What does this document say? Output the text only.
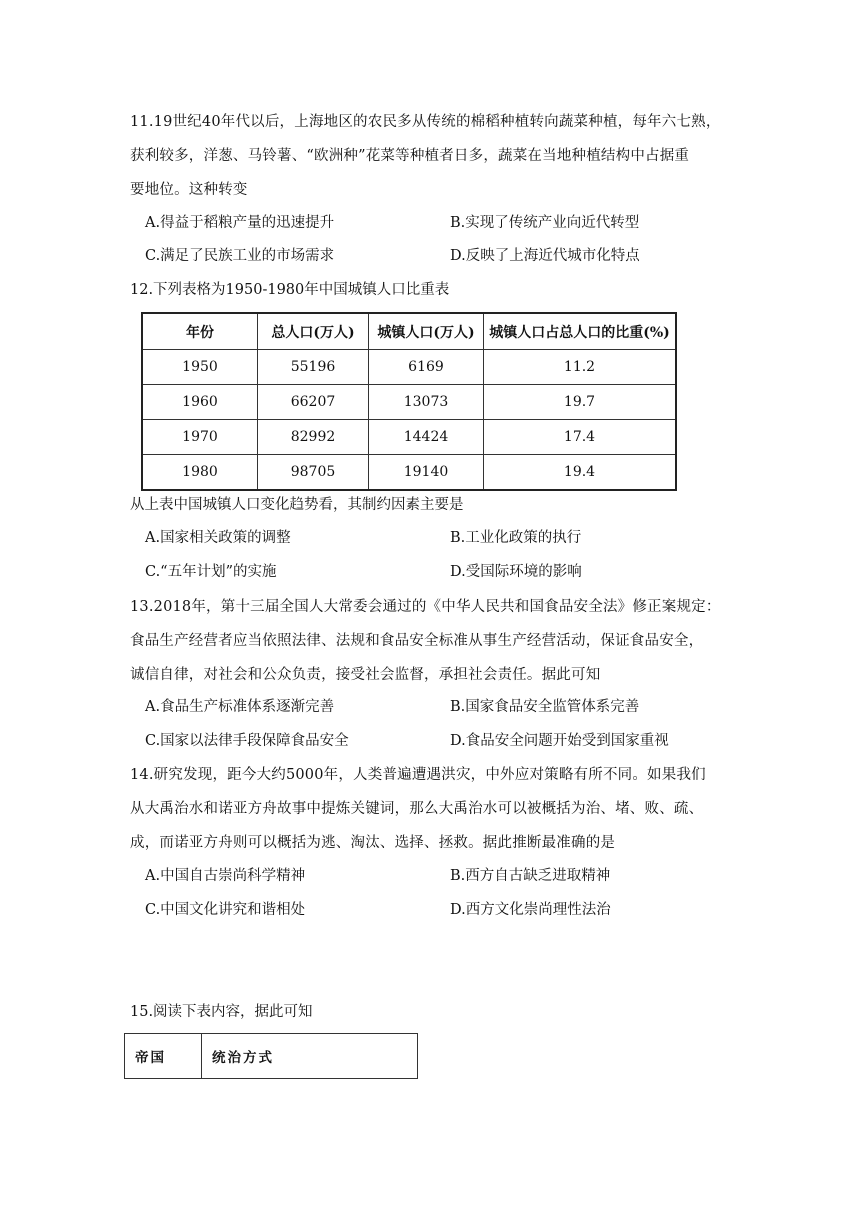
11.19世纪40年代以后，上海地区的农民多从传统的棉稻种植转向蔬菜种植，每年六七熟，
获利较多，洋葱、马铃薯、“欧洲种”花菜等种植者日多，蔬菜在当地种植结构中占据重
要地位。这种转变
A.得益于稻粮产量的迅速提升	B.实现了传统产业向近代转型
C.满足了民族工业的市场需求	D.反映了上海近代城市化特点
12.下列表格为1950-1980年中国城镇人口比重表
年份	总人口(万人)	城镇人口(万人)	城镇人口占总人口的比重(%)
1950	55196	6169	11.2
1960	66207	13073	19.7
1970	82992	14424	17.4
1980	98705	19140	19.4
从上表中国城镇人口变化趋势看，其制约因素主要是
A.国家相关政策的调整	B.工业化政策的执行
C.“五年计划”的实施	D.受国际环境的影响
13.2018年，第十三届全国人大常委会通过的《中华人民共和国食品安全法》修正案规定：
食品生产经营者应当依照法律、法规和食品安全标准从事生产经营活动，保证食品安全，
诚信自律，对社会和公众负责，接受社会监督，承担社会责任。据此可知
A.食品生产标准体系逐渐完善	B.国家食品安全监管体系完善
C.国家以法律手段保障食品安全	D.食品安全问题开始受到国家重视
14.研究发现，距今大约5000年，人类普遍遭遇洪灾，中外应对策略有所不同。如果我们
从大禹治水和诺亚方舟故事中提炼关键词，那么大禹治水可以被概括为治、堵、败、疏、
成，而诺亚方舟则可以概括为逃、淘汰、选择、拯救。据此推断最准确的是
A.中国自古崇尚科学精神	B.西方自古缺乏进取精神
C.中国文化讲究和谐相处	D.西方文化崇尚理性法治
15.阅读下表内容，据此可知
帝国	统治方式
